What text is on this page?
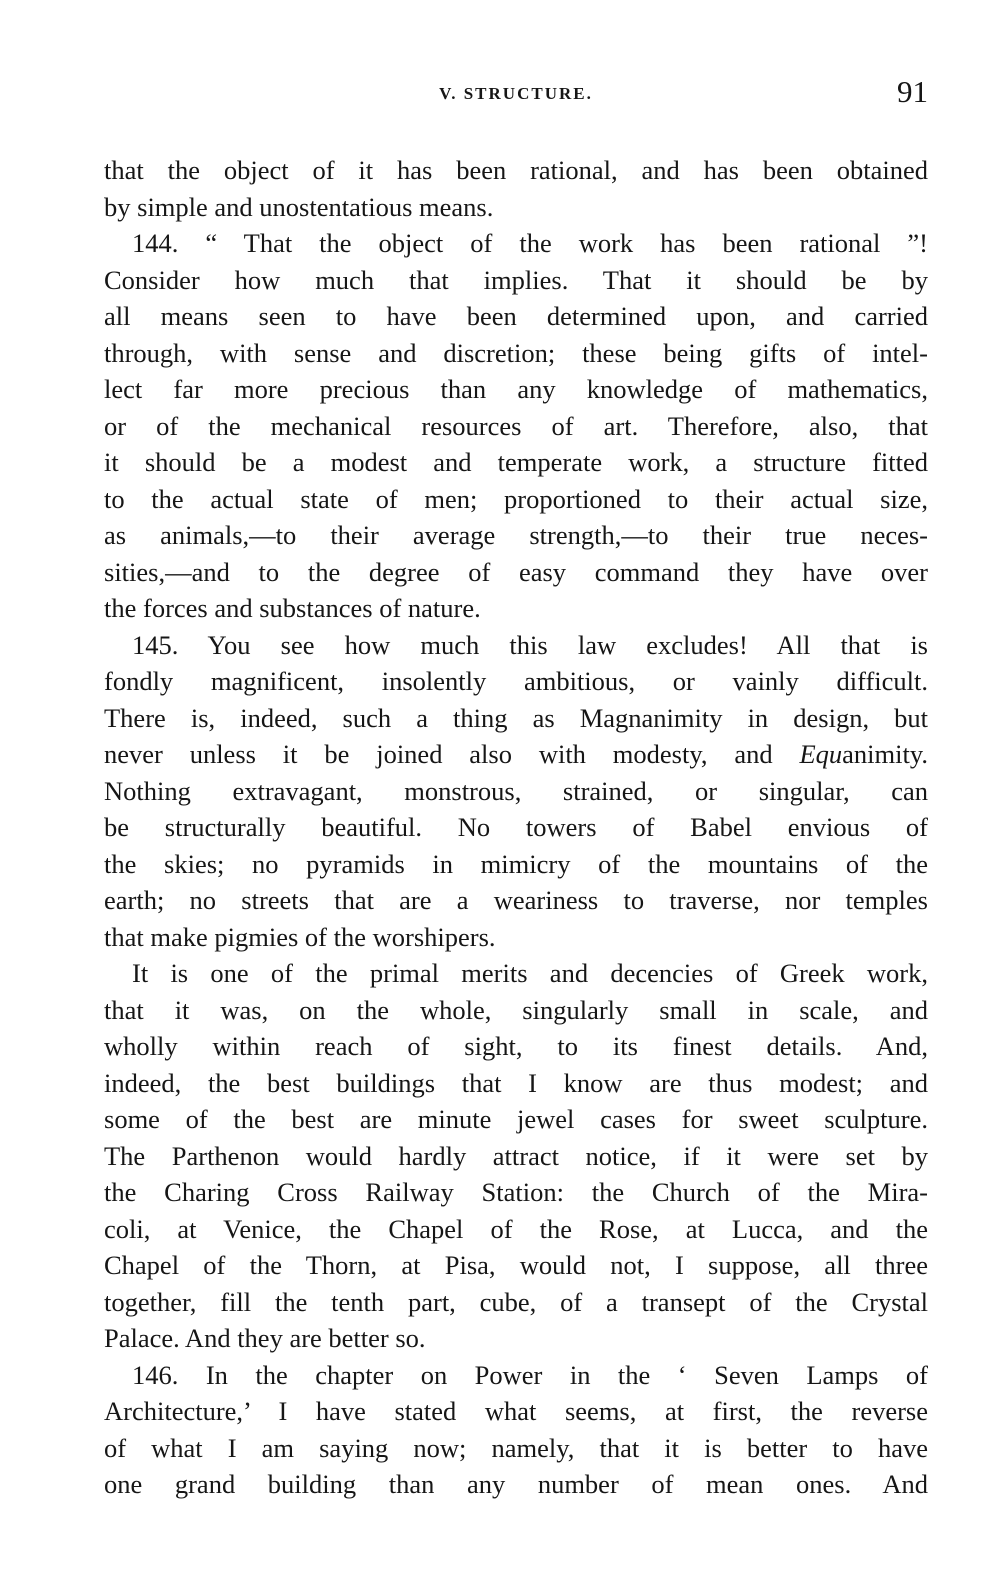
V. STRUCTURE.	91
that the object of it has been rational, and has been obtained
by simple and unostentatious means.
144. “ That the object of the work has been rational ”!
Consider how much that implies. That it should be by
all means seen to have been determined upon, and carried
through, with sense and discretion; these being gifts of intel-
lect far more precious than any knowledge of mathematics,
or of the mechanical resources of art. Therefore, also, that
it should be a modest and temperate work, a structure fitted
to the actual state of men; proportioned to their actual size,
as animals,—to their average strength,—to their true neces-
sities,—and to the degree of easy command they have over
the forces and substances of nature.
145. You see how much this law excludes! All that is
fondly magnificent, insolently ambitious, or vainly difficult.
There is, indeed, such a thing as Magnanimity in design, but
never unless it be joined also with modesty, and Equanimity.
Nothing extravagant, monstrous, strained, or singular, can
be structurally beautiful. No towers of Babel envious of
the skies; no pyramids in mimicry of the mountains of the
earth; no streets that are a weariness to traverse, nor temples
that make pigmies of the worshipers.
It is one of the primal merits and decencies of Greek work,
that it was, on the whole, singularly small in scale, and
wholly within reach of sight, to its finest details. And,
indeed, the best buildings that I know are thus modest; and
some of the best are minute jewel cases for sweet sculpture.
The Parthenon would hardly attract notice, if it were set by
the Charing Cross Railway Station: the Church of the Mira-
coli, at Venice, the Chapel of the Rose, at Lucca, and the
Chapel of the Thorn, at Pisa, would not, I suppose, all three
together, fill the tenth part, cube, of a transept of the Crystal
Palace. And they are better so.
146. In the chapter on Power in the ‘ Seven Lamps of
Architecture,’ I have stated what seems, at first, the reverse
of what I am saying now; namely, that it is better to have
one grand building than any number of mean ones. And
